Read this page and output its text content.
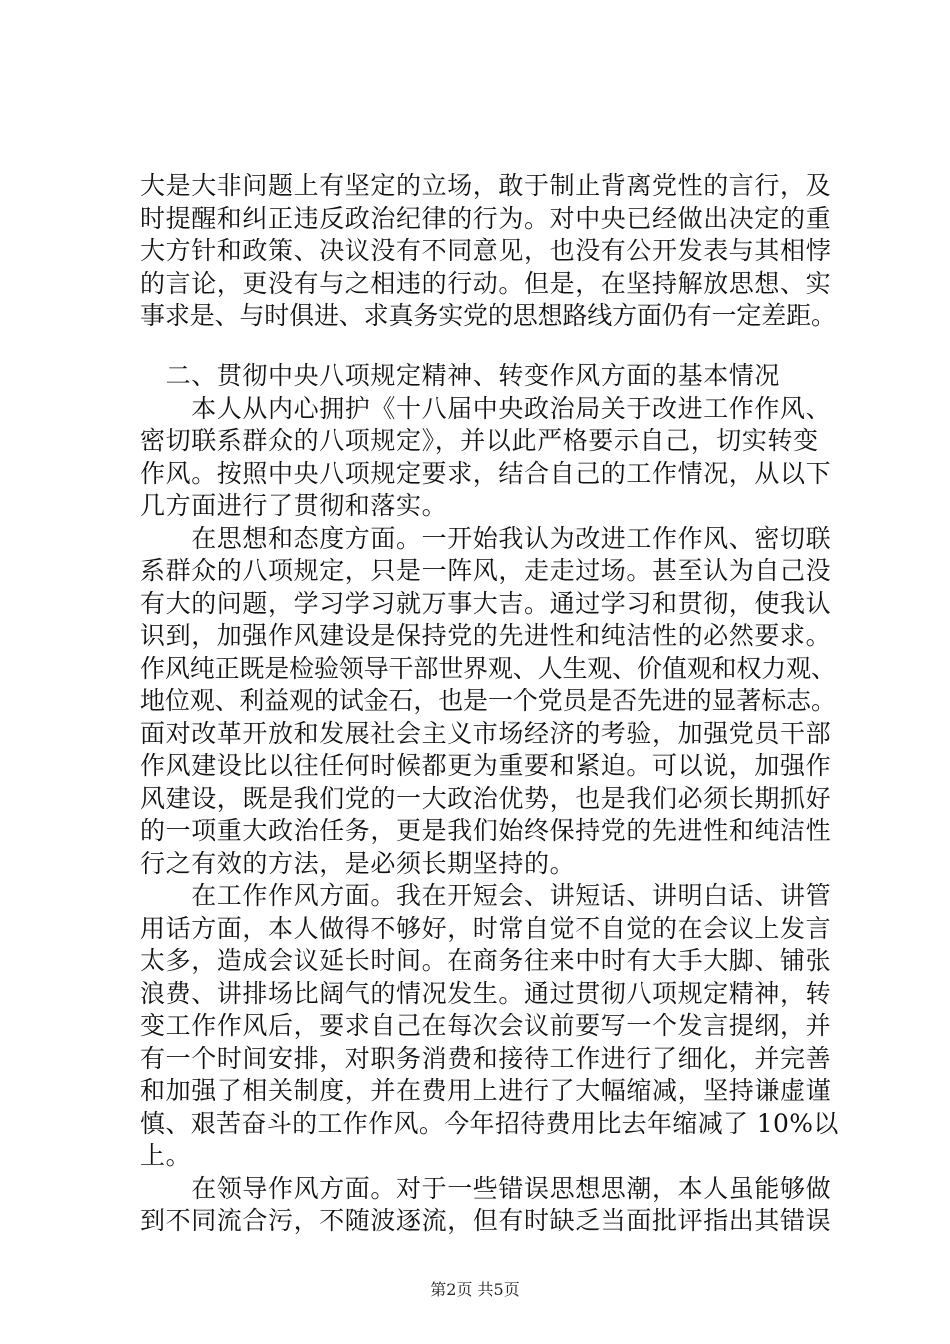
大是大非问题上有坚定的立场，敢于制止背离党性的言行，及
时提醒和纠正违反政治纪律的行为。对中央已经做出决定的重
大方针和政策、决议没有不同意见，也没有公开发表与其相悖
的言论，更没有与之相违的行动。但是，在坚持解放思想、实
事求是、与时俱进、求真务实党的思想路线方面仍有一定差距。
　二、贯彻中央八项规定精神、转变作风方面的基本情况
　　本人从内心拥护《十八届中央政治局关于改进工作作风、
密切联系群众的八项规定》，并以此严格要示自己，切实转变
作风。按照中央八项规定要求，结合自己的工作情况，从以下
几方面进行了贯彻和落实。
　　在思想和态度方面。一开始我认为改进工作作风、密切联
系群众的八项规定，只是一阵风，走走过场。甚至认为自己没
有大的问题，学习学习就万事大吉。通过学习和贯彻，使我认
识到，加强作风建设是保持党的先进性和纯洁性的必然要求。
作风纯正既是检验领导干部世界观、人生观、价值观和权力观、
地位观、利益观的试金石，也是一个党员是否先进的显著标志。
面对改革开放和发展社会主义市场经济的考验，加强党员干部
作风建设比以往任何时候都更为重要和紧迫。可以说，加强作
风建设，既是我们党的一大政治优势，也是我们必须长期抓好
的一项重大政治任务，更是我们始终保持党的先进性和纯洁性
行之有效的方法，是必须长期坚持的。
　　在工作作风方面。我在开短会、讲短话、讲明白话、讲管
用话方面，本人做得不够好，时常自觉不自觉的在会议上发言
太多，造成会议延长时间。在商务往来中时有大手大脚、铺张
浪费、讲排场比阔气的情况发生。通过贯彻八项规定精神，转
变工作作风后，要求自己在每次会议前要写一个发言提纲，并
有一个时间安排，对职务消费和接待工作进行了细化，并完善
和加强了相关制度，并在费用上进行了大幅缩减，坚持谦虚谨
慎、艰苦奋斗的工作作风。今年招待费用比去年缩减了 10%以
上。
　　在领导作风方面。对于一些错误思想思潮，本人虽能够做
到不同流合污，不随波逐流，但有时缺乏当面批评指出其错误
第2页 共5页
